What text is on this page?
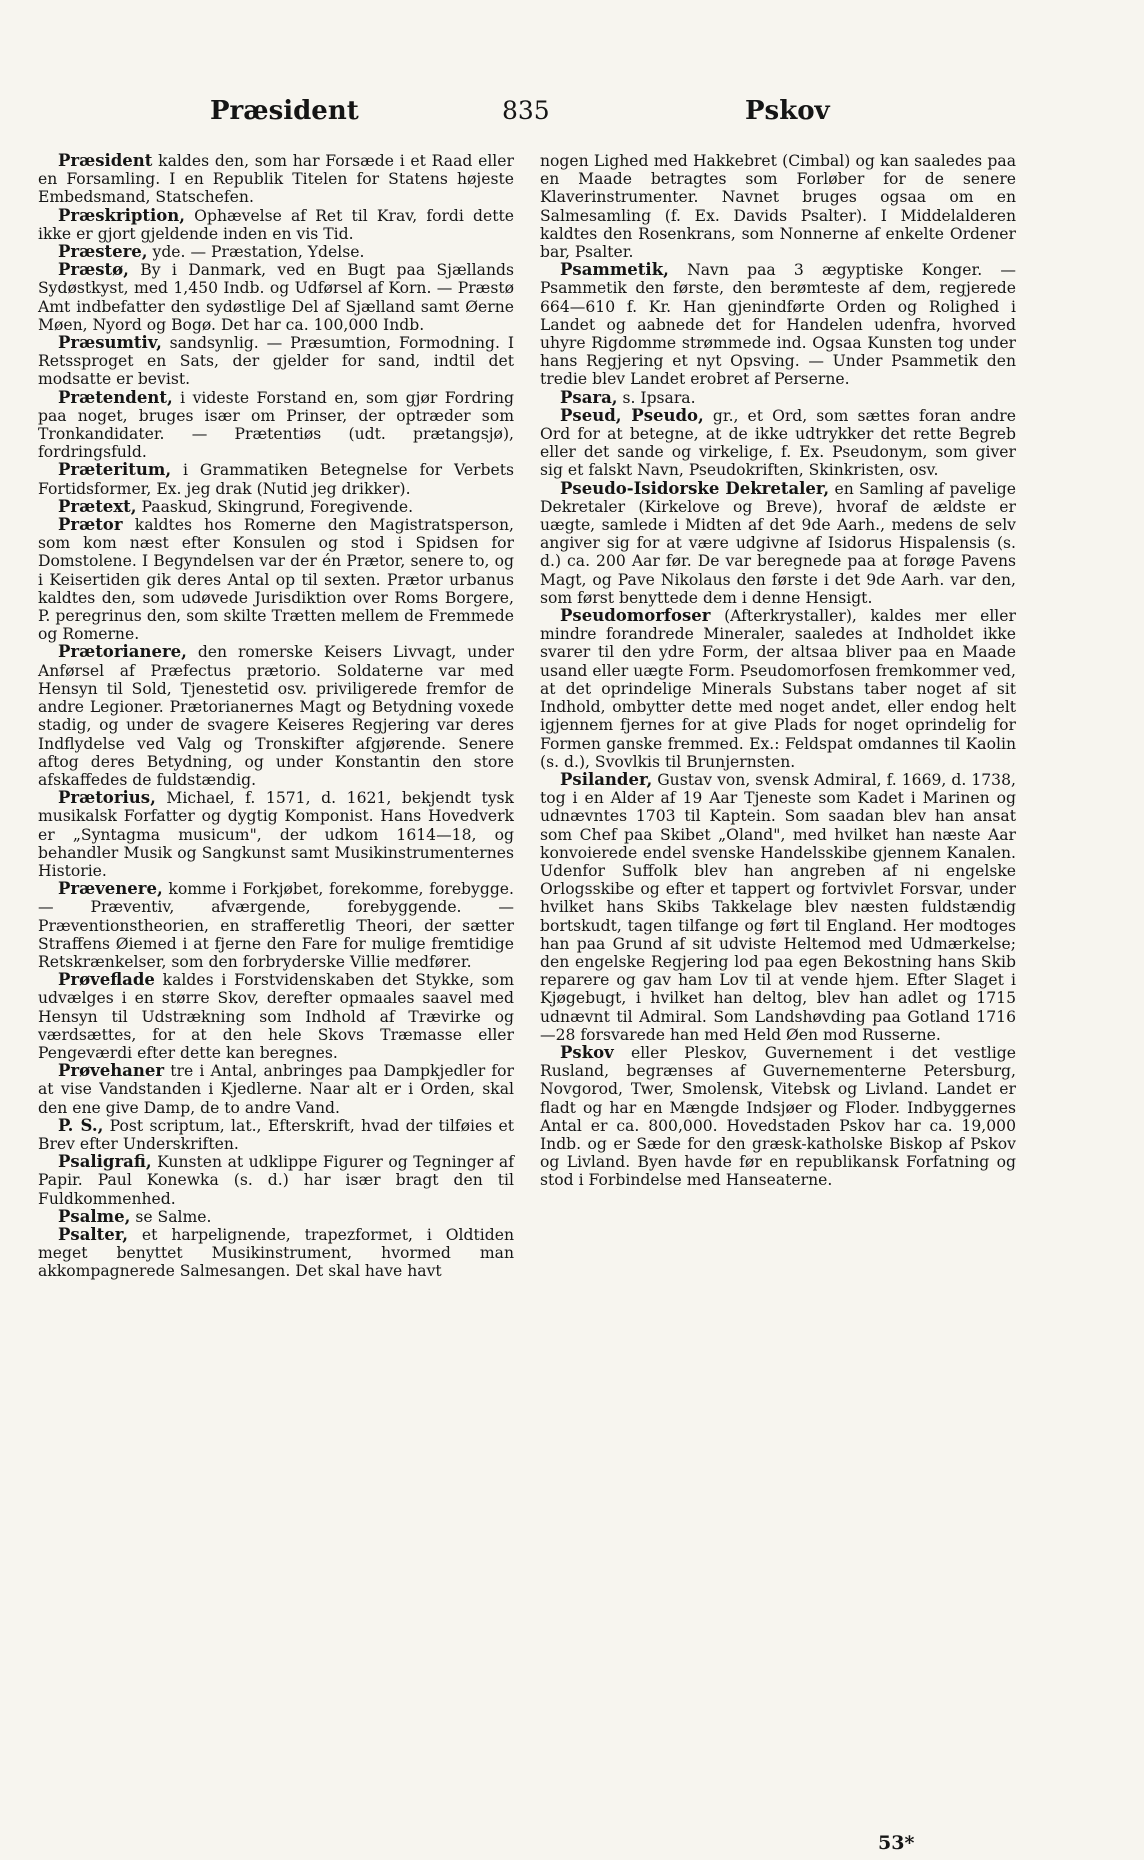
Præsident	835	Pskov

Præsident kaldes den, som har Forsæde i et Raad eller en Forsamling. I en Republik Titelen for Statens højeste Embedsmand, Statschefen.

Præskription, Ophævelse af Ret til Krav, fordi dette ikke er gjort gjeldende inden en vis Tid.

Præstere, yde. — Præstation, Ydelse.

Præstø, By i Danmark, ved en Bugt paa Sjællands Sydøstkyst, med 1,450 Indb. og Udførsel af Korn. — Præstø Amt indbefatter den sydøstlige Del af Sjælland samt Øerne Møen, Nyord og Bogø. Det har ca. 100,000 Indb.

Præsumtiv, sandsynlig. — Præsumtion, Formodning. I Retssproget en Sats, der gjelder for sand, indtil det modsatte er bevist.

Prætendent, i videste Forstand en, som gjør Fordring paa noget, bruges især om Prinser, der optræder som Tronkandidater. — Prætentiøs (udt. prætangsjø), fordringsfuld.

Præteritum, i Grammatiken Betegnelse for Verbets Fortidsformer, Ex. jeg drak (Nutid jeg drikker).

Prætext, Paaskud, Skingrund, Foregivende.

Prætor kaldtes hos Romerne den Magistratsperson, som kom næst efter Konsulen og stod i Spidsen for Domstolene. I Begyndelsen var der én Prætor, senere to, og i Keisertiden gik deres Antal op til sexten. Prætor urbanus kaldtes den, som udøvede Jurisdiktion over Roms Borgere, P. peregrinus den, som skilte Trætten mellem de Fremmede og Romerne.

Prætorianere, den romerske Keisers Livvagt, under Anførsel af Præfectus prætorio. Soldaterne var med Hensyn til Sold, Tjenestetid osv. priviligerede fremfor de andre Legioner. Prætorianernes Magt og Betydning voxede stadig, og under de svagere Keiseres Regjering var deres Indflydelse ved Valg og Tronskifter afgjørende. Senere aftog deres Betydning, og under Konstantin den store afskaffedes de fuldstændig.

Prætorius, Michael, f. 1571, d. 1621, bekjendt tysk musikalsk Forfatter og dygtig Komponist. Hans Hovedverk er „Syntagma musicum", der udkom 1614—18, og behandler Musik og Sangkunst samt Musikinstrumenternes Historie.

Prævenere, komme i Forkjøbet, forekomme, forebygge. — Præventiv, afværgende, forebyggende. — Præventionstheorien, en strafferetlig Theori, der sætter Straffens Øiemed i at fjerne den Fare for mulige fremtidige Retskrænkelser, som den forbryderske Villie medfører.

Prøveflade kaldes i Forstvidenskaben det Stykke, som udvælges i en større Skov, derefter opmaales saavel med Hensyn til Udstrækning som Indhold af Trævirke og værdsættes, for at den hele Skovs Træmasse eller Pengeværdi efter dette kan beregnes.

Prøvehaner tre i Antal, anbringes paa Dampkjedler for at vise Vandstanden i Kjedlerne. Naar alt er i Orden, skal den ene give Damp, de to andre Vand.

P. S., Post scriptum, lat., Efterskrift, hvad der tilføies et Brev efter Underskriften.

Psaligrafi, Kunsten at udklippe Figurer og Tegninger af Papir. Paul Konewka (s. d.) har især bragt den til Fuldkommenhed.

Psalme, se Salme.

Psalter, et harpelignende, trapezformet, i Oldtiden meget benyttet Musikinstrument, hvormed man akkompagnerede Salmesangen. Det skal have havt

nogen Lighed med Hakkebret (Cimbal) og kan saaledes paa en Maade betragtes som Forløber for de senere Klaverinstrumenter. Navnet bruges ogsaa om en Salmesamling (f. Ex. Davids Psalter). I Middelalderen kaldtes den Rosenkrans, som Nonnerne af enkelte Ordener bar, Psalter.

Psammetik, Navn paa 3 ægyptiske Konger. — Psammetik den første, den berømteste af dem, regjerede 664—610 f. Kr. Han gjenindførte Orden og Rolighed i Landet og aabnede det for Handelen udenfra, hvorved uhyre Rigdomme strømmede ind. Ogsaa Kunsten tog under hans Regjering et nyt Opsving. — Under Psammetik den tredie blev Landet erobret af Perserne.

Psara, s. Ipsara.

Pseud, Pseudo, gr., et Ord, som sættes foran andre Ord for at betegne, at de ikke udtrykker det rette Begreb eller det sande og virkelige, f. Ex. Pseudonym, som giver sig et falskt Navn, Pseudokriften, Skinkristen, osv.

Pseudo-Isidorske Dekretaler, en Samling af pavelige Dekretaler (Kirkelove og Breve), hvoraf de ældste er uægte, samlede i Midten af det 9de Aarh., medens de selv angiver sig for at være udgivne af Isidorus Hispalensis (s. d.) ca. 200 Aar før. De var beregnede paa at forøge Pavens Magt, og Pave Nikolaus den første i det 9de Aarh. var den, som først benyttede dem i denne Hensigt.

Pseudomorfoser (Afterkrystaller), kaldes mer eller mindre forandrede Mineraler, saaledes at Indholdet ikke svarer til den ydre Form, der altsaa bliver paa en Maade usand eller uægte Form. Pseudomorfosen fremkommer ved, at det oprindelige Minerals Substans taber noget af sit Indhold, ombytter dette med noget andet, eller endog helt igjennem fjernes for at give Plads for noget oprindelig for Formen ganske fremmed. Ex.: Feldspat omdannes til Kaolin (s. d.), Svovlkis til Brunjernsten.

Psilander, Gustav von, svensk Admiral, f. 1669, d. 1738, tog i en Alder af 19 Aar Tjeneste som Kadet i Marinen og udnævntes 1703 til Kaptein. Som saadan blev han ansat som Chef paa Skibet „Oland", med hvilket han næste Aar konvoierede endel svenske Handelsskibe gjennem Kanalen. Udenfor Suffolk blev han angreben af ni engelske Orlogsskibe og efter et tappert og fortvivlet Forsvar, under hvilket hans Skibs Takkelage blev næsten fuldstændig bortskudt, tagen tilfange og ført til England. Her modtoges han paa Grund af sit udviste Heltemod med Udmærkelse; den engelske Regjering lod paa egen Bekostning hans Skib reparere og gav ham Lov til at vende hjem. Efter Slaget i Kjøgebugt, i hvilket han deltog, blev han adlet og 1715 udnævnt til Admiral. Som Landshøvding paa Gotland 1716—28 forsvarede han med Held Øen mod Russerne.

Pskov eller Pleskov, Guvernement i det vestlige Rusland, begrænses af Guvernementerne Petersburg, Novgorod, Twer, Smolensk, Vitebsk og Livland. Landet er fladt og har en Mængde Indsjøer og Floder. Indbyggernes Antal er ca. 800,000. Hovedstaden Pskov har ca. 19,000 Indb. og er Sæde for den græsk-katholske Biskop af Pskov og Livland. Byen havde før en republikansk Forfatning og stod i Forbindelse med Hanseaterne.

53*
